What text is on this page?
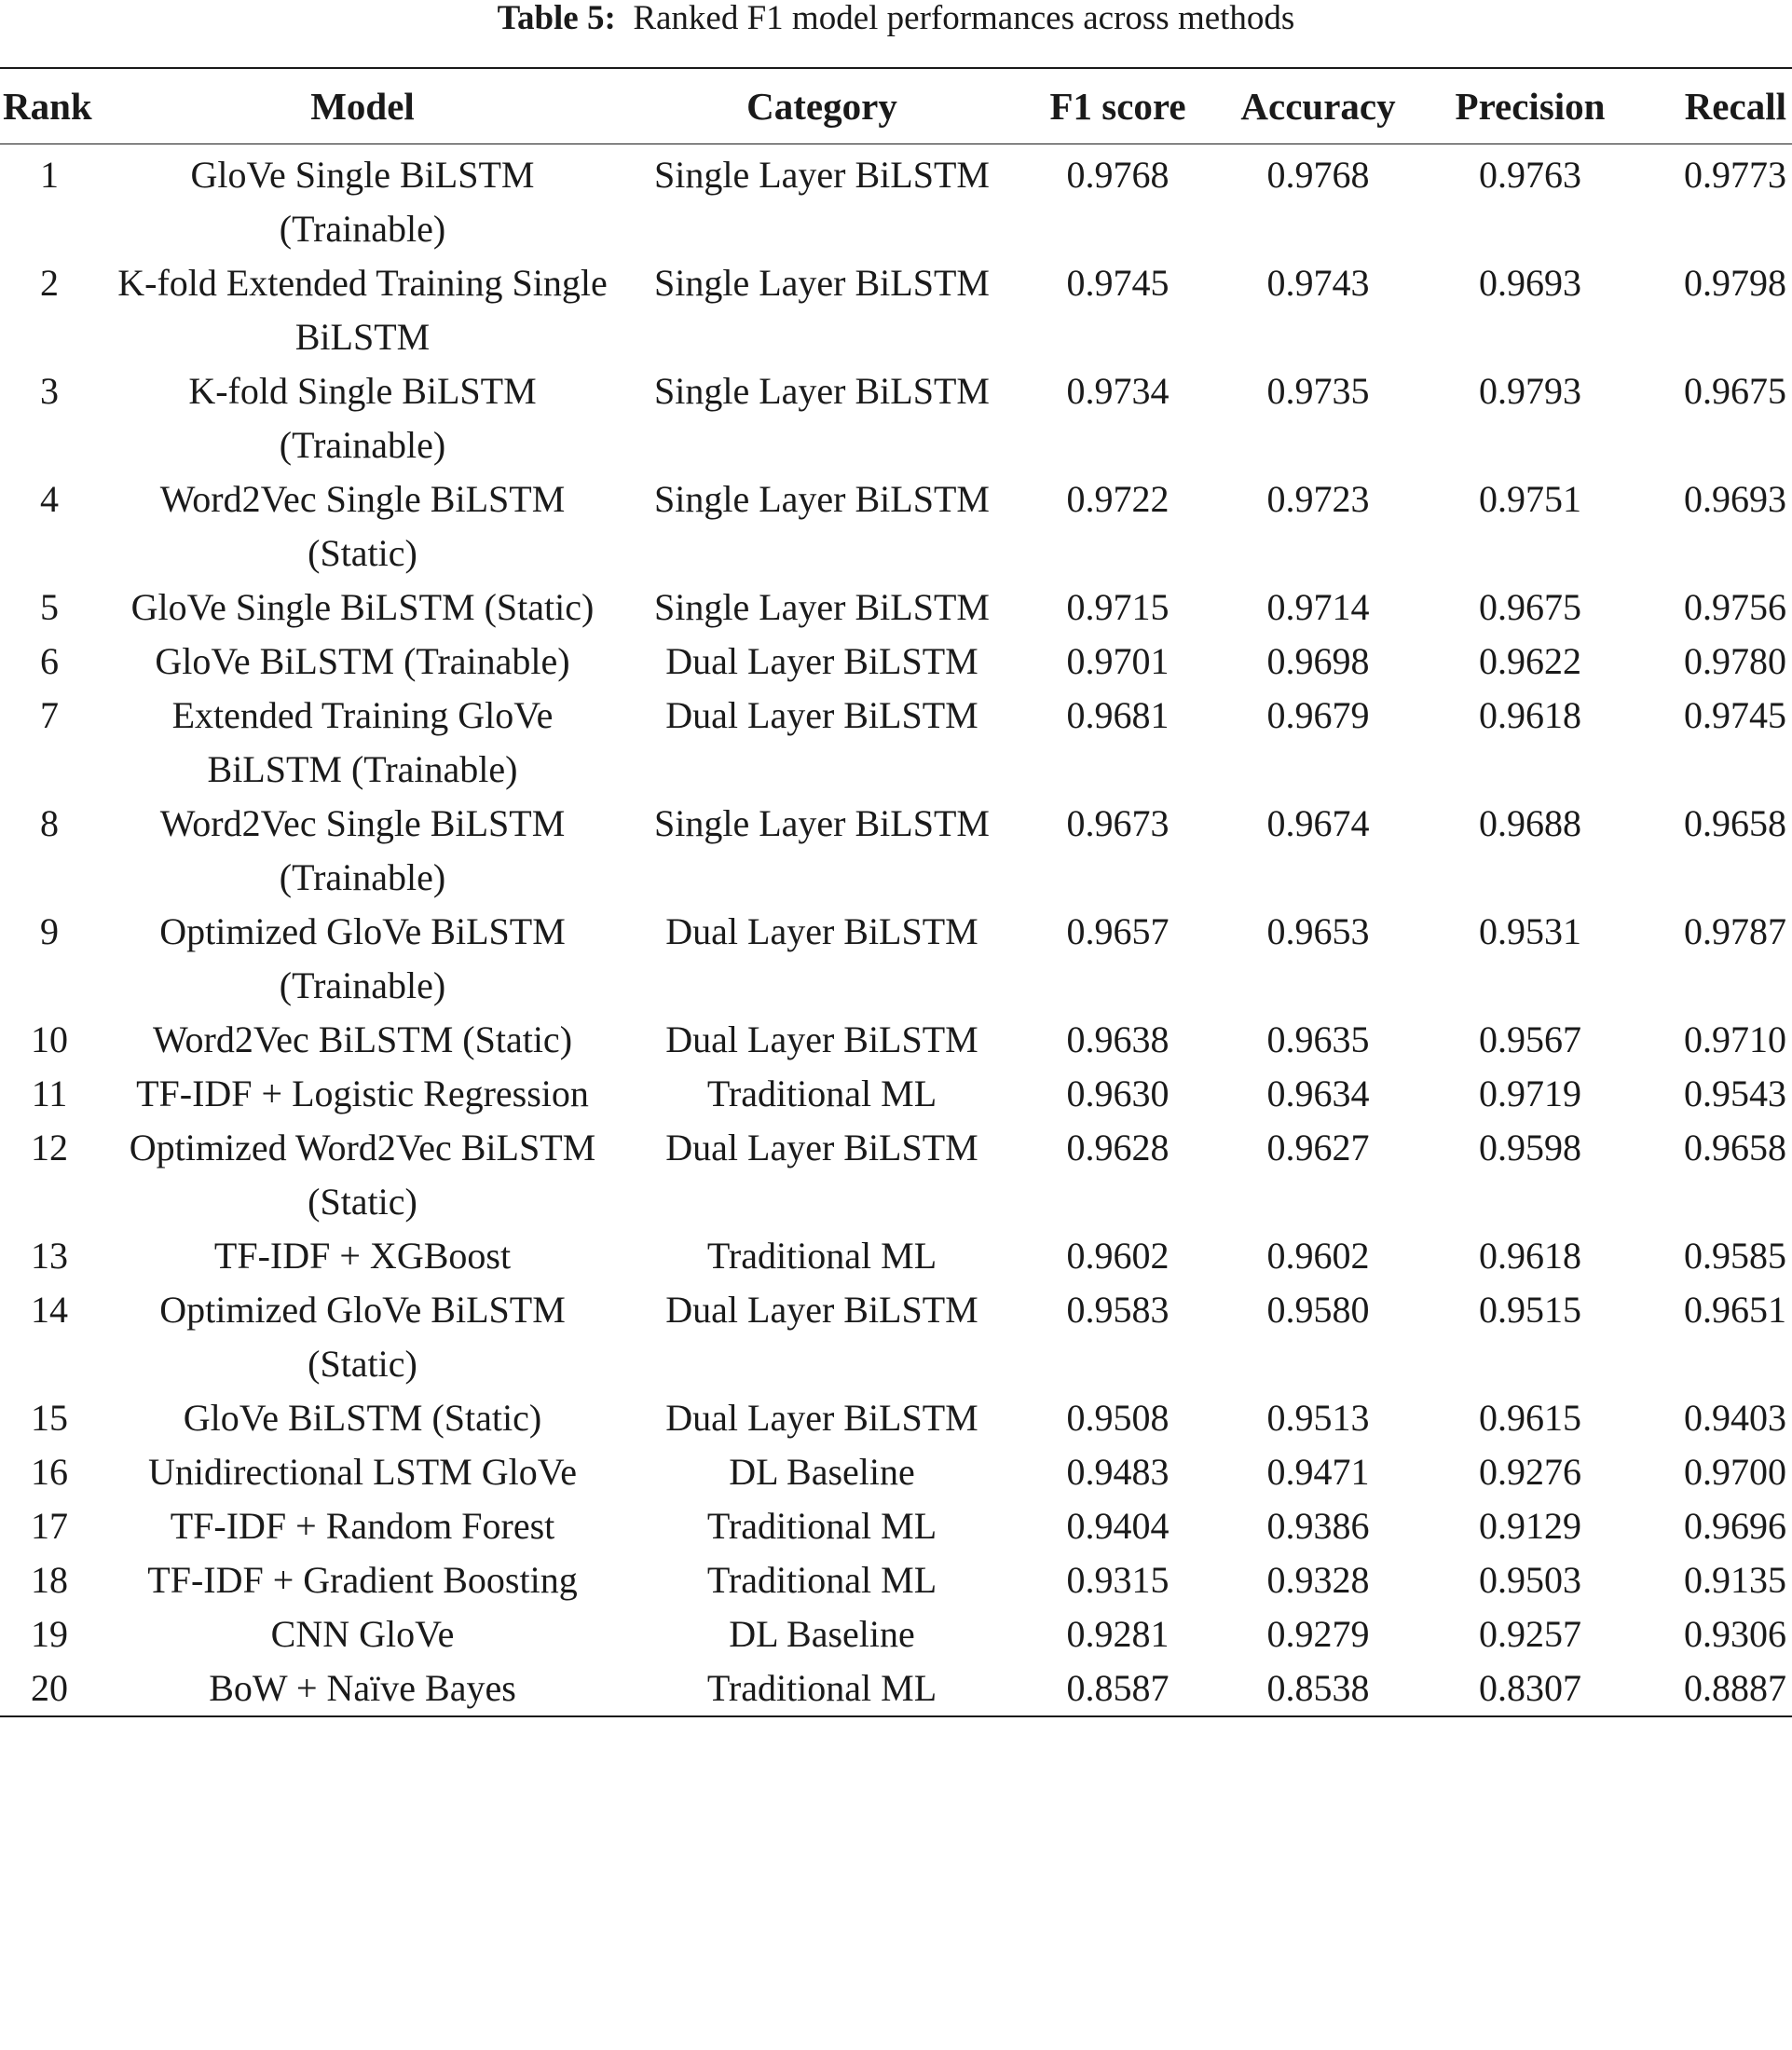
Table 5: Ranked F1 model performances across methods
Rank	Model	Category	F1 score	Accuracy	Precision	Recall
1	GloVe Single BiLSTM (Trainable)	Single Layer BiLSTM	0.9768	0.9768	0.9763	0.9773
2	K-fold Extended Training Single BiLSTM	Single Layer BiLSTM	0.9745	0.9743	0.9693	0.9798
3	K-fold Single BiLSTM (Trainable)	Single Layer BiLSTM	0.9734	0.9735	0.9793	0.9675
4	Word2Vec Single BiLSTM (Static)	Single Layer BiLSTM	0.9722	0.9723	0.9751	0.9693
5	GloVe Single BiLSTM (Static)	Single Layer BiLSTM	0.9715	0.9714	0.9675	0.9756
6	GloVe BiLSTM (Trainable)	Dual Layer BiLSTM	0.9701	0.9698	0.9622	0.9780
7	Extended Training GloVe BiLSTM (Trainable)	Dual Layer BiLSTM	0.9681	0.9679	0.9618	0.9745
8	Word2Vec Single BiLSTM (Trainable)	Single Layer BiLSTM	0.9673	0.9674	0.9688	0.9658
9	Optimized GloVe BiLSTM (Trainable)	Dual Layer BiLSTM	0.9657	0.9653	0.9531	0.9787
10	Word2Vec BiLSTM (Static)	Dual Layer BiLSTM	0.9638	0.9635	0.9567	0.9710
11	TF-IDF + Logistic Regression	Traditional ML	0.9630	0.9634	0.9719	0.9543
12	Optimized Word2Vec BiLSTM (Static)	Dual Layer BiLSTM	0.9628	0.9627	0.9598	0.9658
13	TF-IDF + XGBoost	Traditional ML	0.9602	0.9602	0.9618	0.9585
14	Optimized GloVe BiLSTM (Static)	Dual Layer BiLSTM	0.9583	0.9580	0.9515	0.9651
15	GloVe BiLSTM (Static)	Dual Layer BiLSTM	0.9508	0.9513	0.9615	0.9403
16	Unidirectional LSTM GloVe	DL Baseline	0.9483	0.9471	0.9276	0.9700
17	TF-IDF + Random Forest	Traditional ML	0.9404	0.9386	0.9129	0.9696
18	TF-IDF + Gradient Boosting	Traditional ML	0.9315	0.9328	0.9503	0.9135
19	CNN GloVe	DL Baseline	0.9281	0.9279	0.9257	0.9306
20	BoW + Naïve Bayes	Traditional ML	0.8587	0.8538	0.8307	0.8887
